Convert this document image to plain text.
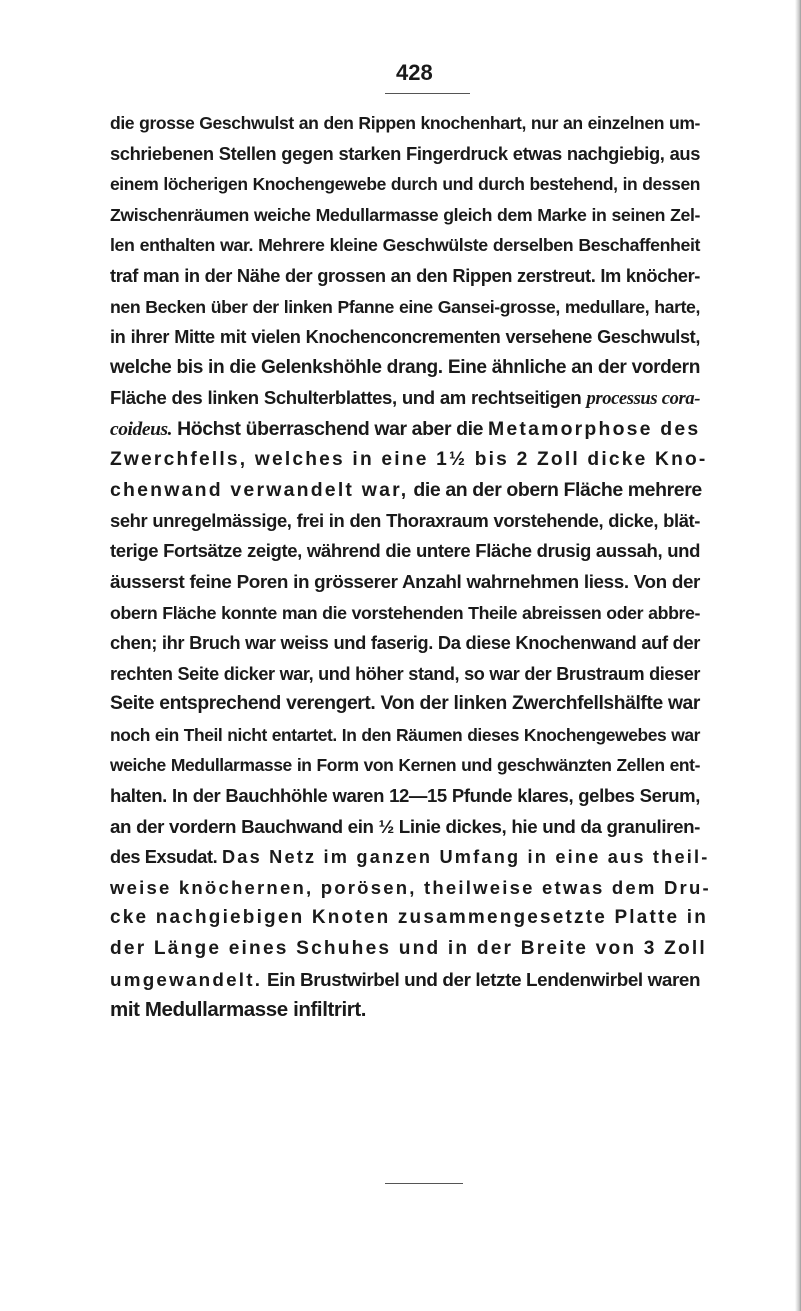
428
die grosse Geschwulst an den Rippen knochenhart, nur an einzelnen um-
schriebenen Stellen gegen starken Fingerdruck etwas nachgiebig, aus
einem löcherigen Knochengewebe durch und durch bestehend, in dessen
Zwischenräumen weiche Medullarmasse gleich dem Marke in seinen Zel-
len enthalten war. Mehrere kleine Geschwülste derselben Beschaffenheit
traf man in der Nähe der grossen an den Rippen zerstreut. Im knöcher-
nen Becken über der linken Pfanne eine Gansei-grosse, medullare, harte,
in ihrer Mitte mit vielen Knochenconcrementen versehene Geschwulst,
welche bis in die Gelenkshöhle drang. Eine ähnliche an der vordern
Fläche des linken Schulterblattes, und am rechtseitigen processus cora-
coideus. Höchst überraschend war aber die Metamorphose des
Zwerchfells, welches in eine 1½ bis 2 Zoll dicke Kno-
chenwand verwandelt war, die an der obern Fläche mehrere
sehr unregelmässige, frei in den Thoraxraum vorstehende, dicke, blät-
terige Fortsätze zeigte, während die untere Fläche drusig aussah, und
äusserst feine Poren in grösserer Anzahl wahrnehmen liess. Von der
obern Fläche konnte man die vorstehenden Theile abreissen oder abbre-
chen; ihr Bruch war weiss und faserig. Da diese Knochenwand auf der
rechten Seite dicker war, und höher stand, so war der Brustraum dieser
Seite entsprechend verengert. Von der linken Zwerchfellshälfte war
noch ein Theil nicht entartet. In den Räumen dieses Knochengewebes war
weiche Medullarmasse in Form von Kernen und geschwänzten Zellen ent-
halten. In der Bauchhöhle waren 12—15 Pfunde klares, gelbes Serum,
an der vordern Bauchwand ein ½ Linie dickes, hie und da granuliren-
des Exsudat. Das Netz im ganzen Umfang in eine aus theil-
weise knöchernen, porösen, theilweise etwas dem Dru-
cke nachgiebigen Knoten zusammengesetzte Platte in
der Länge eines Schuhes und in der Breite von 3 Zoll
umgewandelt. Ein Brustwirbel und der letzte Lendenwirbel waren
mit Medullarmasse infiltrirt.
